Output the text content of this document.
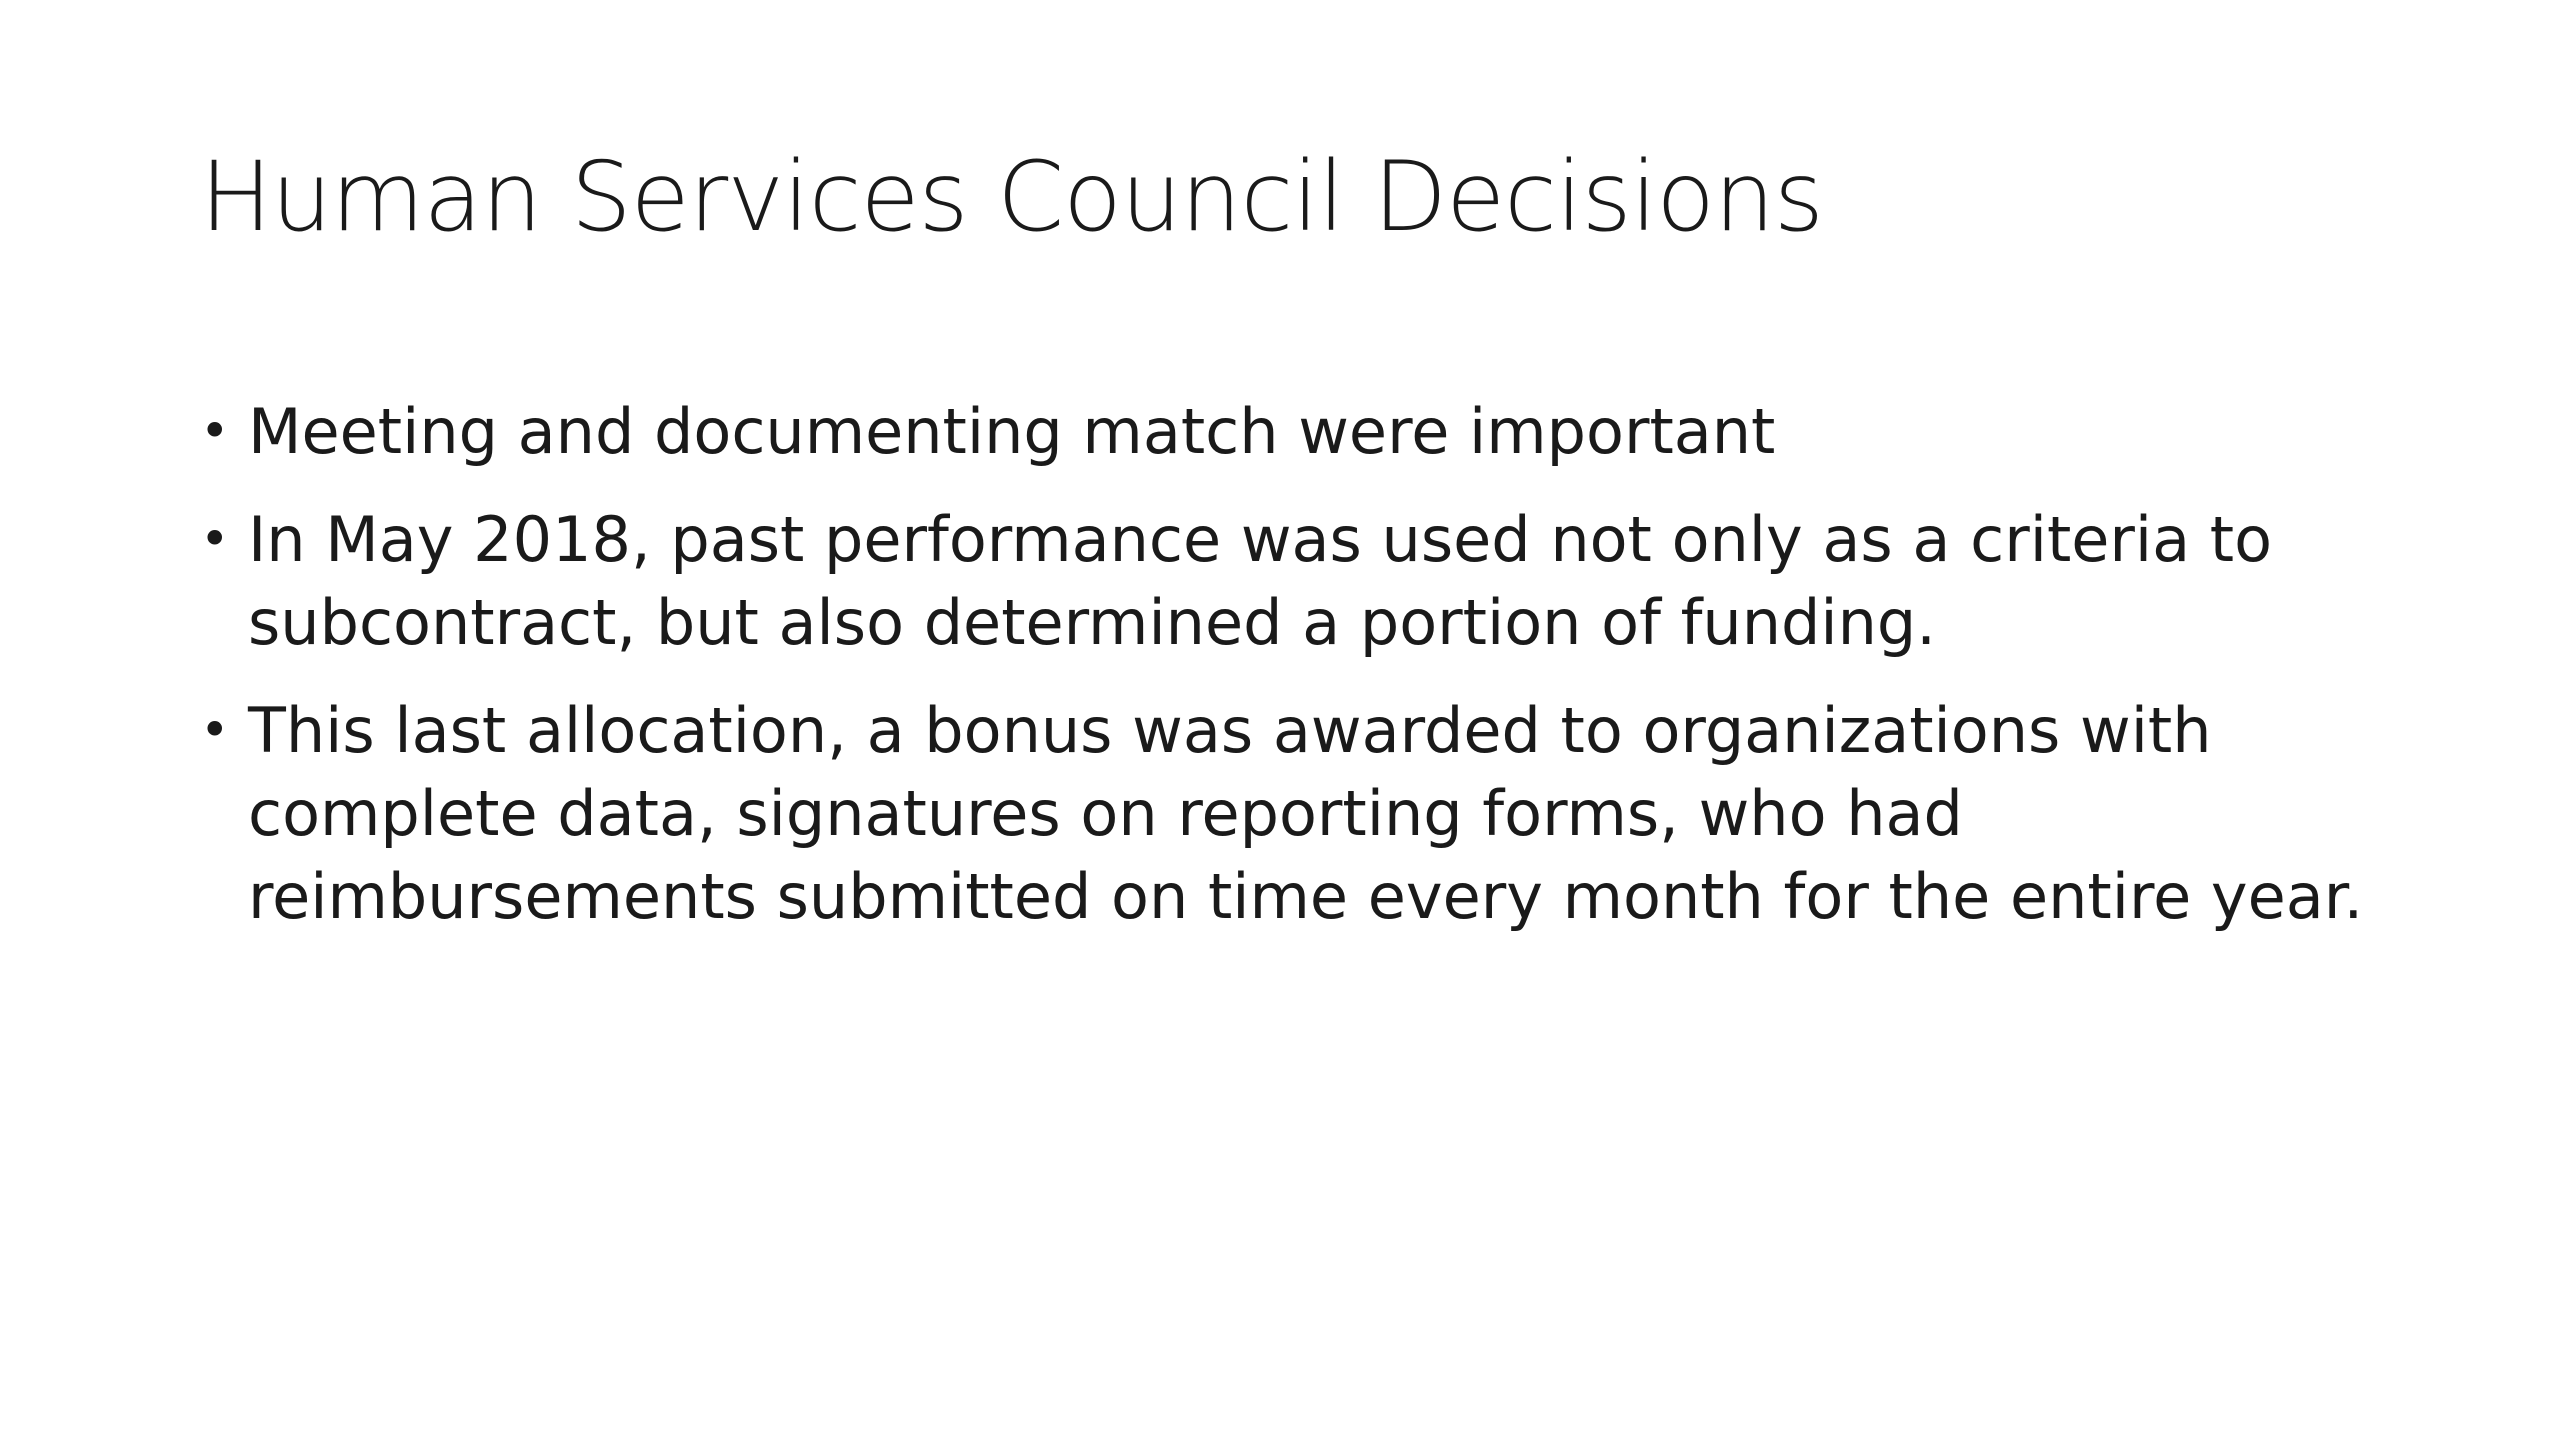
Human Services Council Decisions
• Meeting and documenting match were important
• In May 2018, past performance was used not only as a criteria to subcontract, but also determined a portion of funding.
• This last allocation, a bonus was awarded to organizations with complete data, signatures on reporting forms, who had reimbursements submitted on time every month for the entire year.
